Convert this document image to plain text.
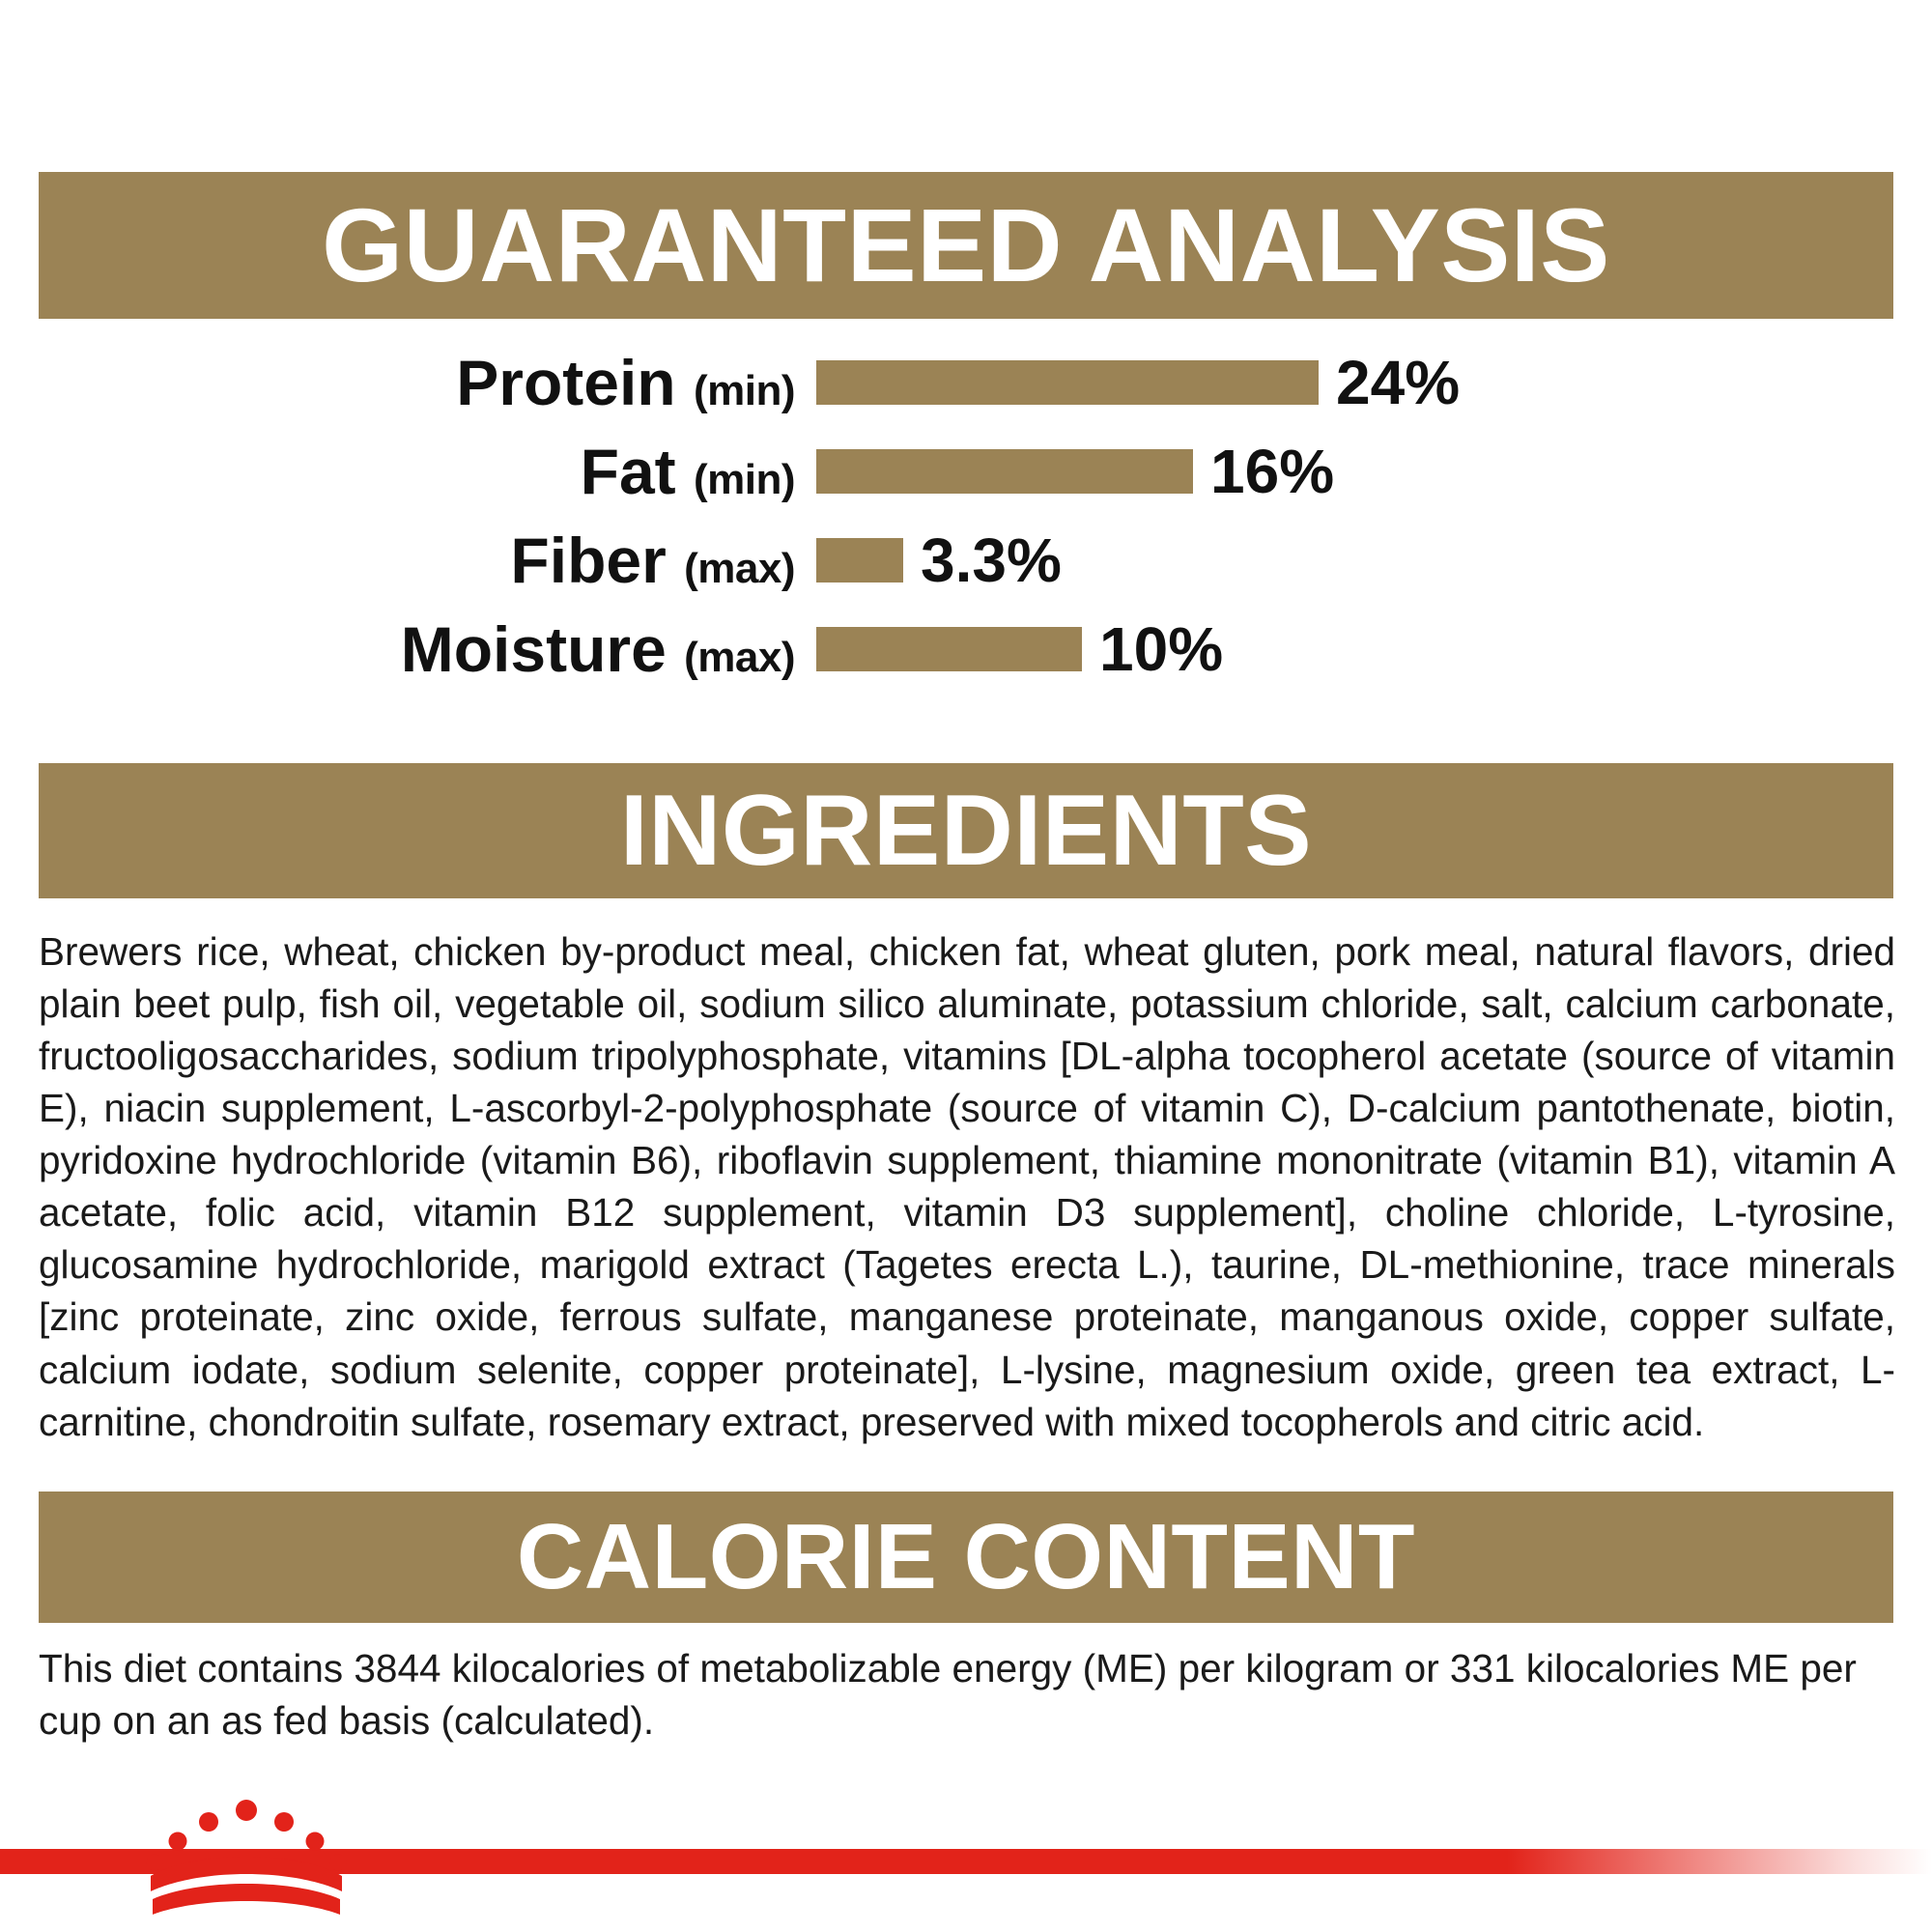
GUARANTEED ANALYSIS
Protein (min)	24%
Fat (min)	16%
Fiber (max)	3.3%
Moisture (max)	10%
INGREDIENTS
Brewers rice, wheat, chicken by-product meal, chicken fat, wheat gluten, pork meal, natural flavors, dried plain beet pulp, fish oil, vegetable oil, sodium silico aluminate, potassium chloride, salt, calcium carbonate, fructooligosaccharides, sodium tripolyphosphate, vitamins [DL-alpha tocopherol acetate (source of vitamin E), niacin supplement, L-ascorbyl-2-polyphosphate (source of vitamin C), D-calcium pantothenate, biotin, pyridoxine hydrochloride (vitamin B6), riboflavin supplement, thiamine mononitrate (vitamin B1), vitamin A acetate, folic acid, vitamin B12 supplement, vitamin D3 supplement], choline chloride, L-tyrosine, glucosamine hydrochloride, marigold extract (Tagetes erecta L.), taurine, DL-methionine, trace minerals [zinc proteinate, zinc oxide, ferrous sulfate, manganese proteinate, manganous oxide, copper sulfate, calcium iodate, sodium selenite, copper proteinate], L-lysine, magnesium oxide, green tea extract, L-carnitine, chondroitin sulfate, rosemary extract, preserved with mixed tocopherols and citric acid.
CALORIE CONTENT
This diet contains 3844 kilocalories of metabolizable energy (ME) per kilogram or 331 kilocalories ME per cup on an as fed basis (calculated).
